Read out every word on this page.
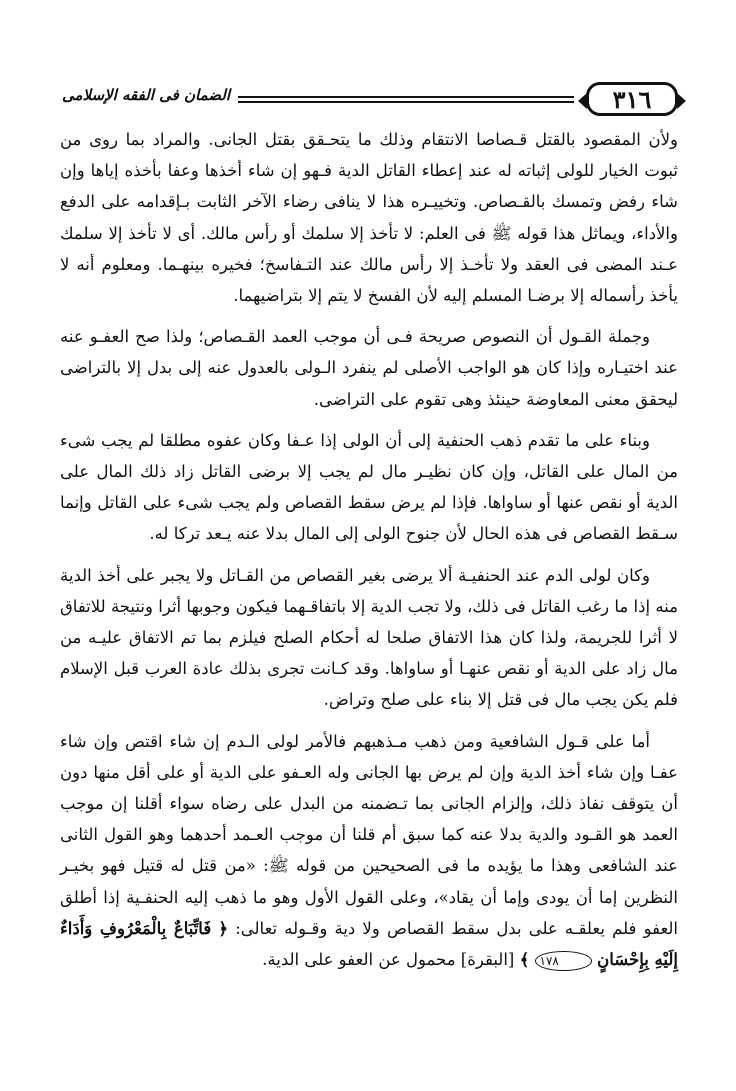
٣١٦
الضمان فى الفقه الإسلامى

ولأن المقصود بالقتل قـصاصا الانتقام وذلك ما يتحـقق بقتل الجانى. والمراد بما روى من ثبوت الخيار للولى إثباته له عند إعطاء القاتل الدية فـهو إن شاء أخذها وعفا بأخذه إياها وإن شاء رفض وتمسك بالقـصاص. وتخييـره هذا لا ينافى رضاء الآخر الثابت بـإقدامه على الدفع والأداء، ويماثل هذا قوله ﷺ فى العلم: لا تأخذ إلا سلمك أو رأس مالك. أى لا تأخذ إلا سلمك عـند المضى فى العقد ولا تأخـذ إلا رأس مالك عند التـفاسخ؛ فخيره بينهـما. ومعلوم أنه لا يأخذ رأسماله إلا برضـا المسلم إليه لأن الفسخ لا يتم إلا بتراضيهما.

وجملة القـول أن النصوص صريحة فـى أن موجب العمد القـصاص؛ ولذا صح العفـو عنه عند اختيـاره وإذا كان هو الواجب الأصلى لم ينفرد الـولى بالعدول عنه إلى بدل إلا بالتراضى ليحقق معنى المعاوضة حينئذ وهى تقوم على التراضى.

وبناء على ما تقدم ذهب الحنفية إلى أن الولى إذا عـفا وكان عفوه مطلقا لم يجب شىء من المال على القاتل، وإن كان نظيـر مال لم يجب إلا برضى القاتل زاد ذلك المال على الدية أو نقص عنها أو ساواها. فإذا لم يرض سقط القصاص ولم يجب شىء على القاتل وإنما سـقط القصاص فى هذه الحال لأن جنوح الولى إلى المال بدلا عنه يـعد تركا له.

وكان لولى الدم عند الحنفيـة ألا يرضى بغير القصاص من القـاتل ولا يجبر على أخذ الدية منه إذا ما رغب القاتل فى ذلك، ولا تجب الدية إلا باتفاقـهما فيكون وجوبها أثرا ونتيجة للاتفاق لا أثرا للجريمة، ولذا كان هذا الاتفاق صلحا له أحكام الصلح فيلزم بما تم الاتفاق عليـه من مال زاد على الدية أو نقص عنهـا أو ساواها. وقد كـانت تجرى بذلك عادة العرب قبل الإسلام فلم يكن يجب مال فى قتل إلا بناء على صلح وتراض.

أما على قـول الشافعية ومن ذهب مـذهبهم فالأمر لولى الـدم إن شاء اقتص وإن شاء عفـا وإن شاء أخذ الدية وإن لم يرض بها الجانى وله العـفو على الدية أو على أقل منها دون أن يتوقف نفاذ ذلك، وإلزام الجانى بما تـضمنه من البدل على رضاه سواء أقلنا إن موجب العمد هو القـود والدية بدلا عنه كما سبق أم قلنا أن موجب العـمد أحدهما وهو القول الثانى عند الشافعى وهذا ما يؤيده ما فى الصحيحين من قوله ﷺ: «من قتل له قتيل فهو بخيـر النظرين إما أن يودى وإما أن يقاد»، وعلى القول الأول وهو ما ذهب إليه الحنفـية إذا أطلق العفو فلم يعلقـه على بدل سقط القصاص ولا دية وقـوله تعالى: ﴿ فَاتِّبَاعٌ بِالْمَعْرُوفِ وَأَدَاءٌ إِلَيْهِ بِإِحْسَانٍ ١٧٨ ﴾ [البقرة] محمول عن العفو على الدية.
